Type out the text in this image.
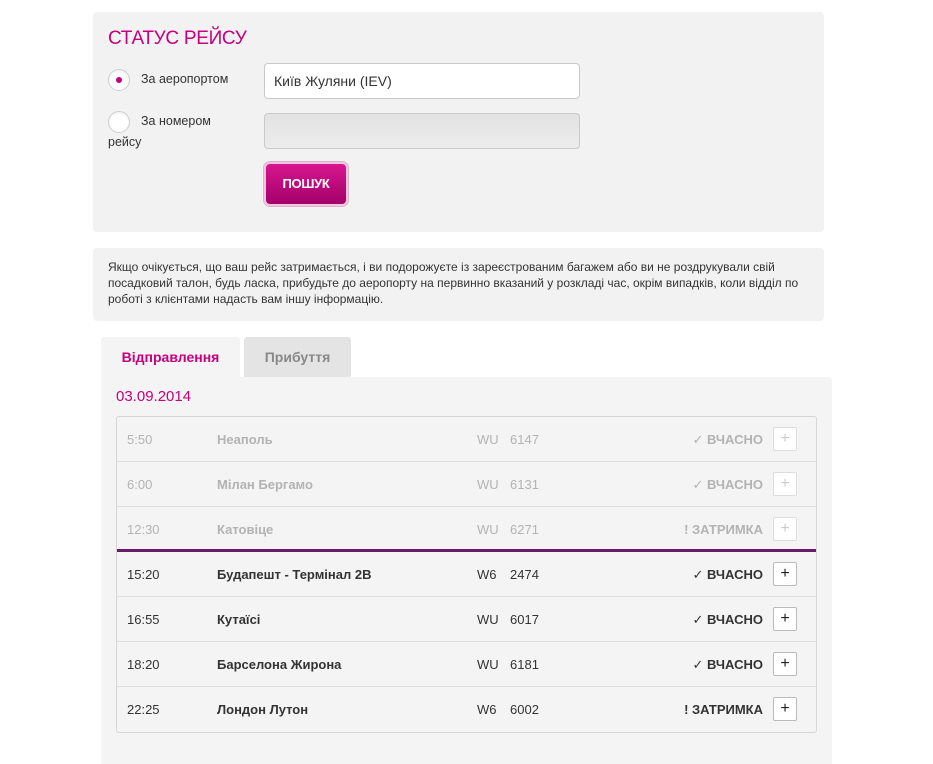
СТАТУС РЕЙСУ
За аеропортом
За номером рейсу
Київ Жуляни (IEV)
ПОШУК
Якщо очікується, що ваш рейс затримається, і ви подорожуєте із зареєстрованим багажем або ви не роздрукували свій посадковий талон, будь ласка, прибудьте до аеропорту на первинно вказаний у розкладі час, окрім випадків, коли відділ по роботі з клієнтами надасть вам іншу інформацію.
Відправлення	Прибуття
03.09.2014
5:50	Неаполь	WU 6147	✓ ВЧАСНО	+
6:00	Мілан Бергамо	WU 6131	✓ ВЧАСНО	+
12:30	Катовіце	WU 6271	! ЗАТРИМКА	+
15:20	Будапешт - Термінал 2В	W6 2474	✓ ВЧАСНО	+
16:55	Кутаїсі	WU 6017	✓ ВЧАСНО	+
18:20	Барселона Жирона	WU 6181	✓ ВЧАСНО	+
22:25	Лондон Лутон	W6 6002	! ЗАТРИМКА	+
